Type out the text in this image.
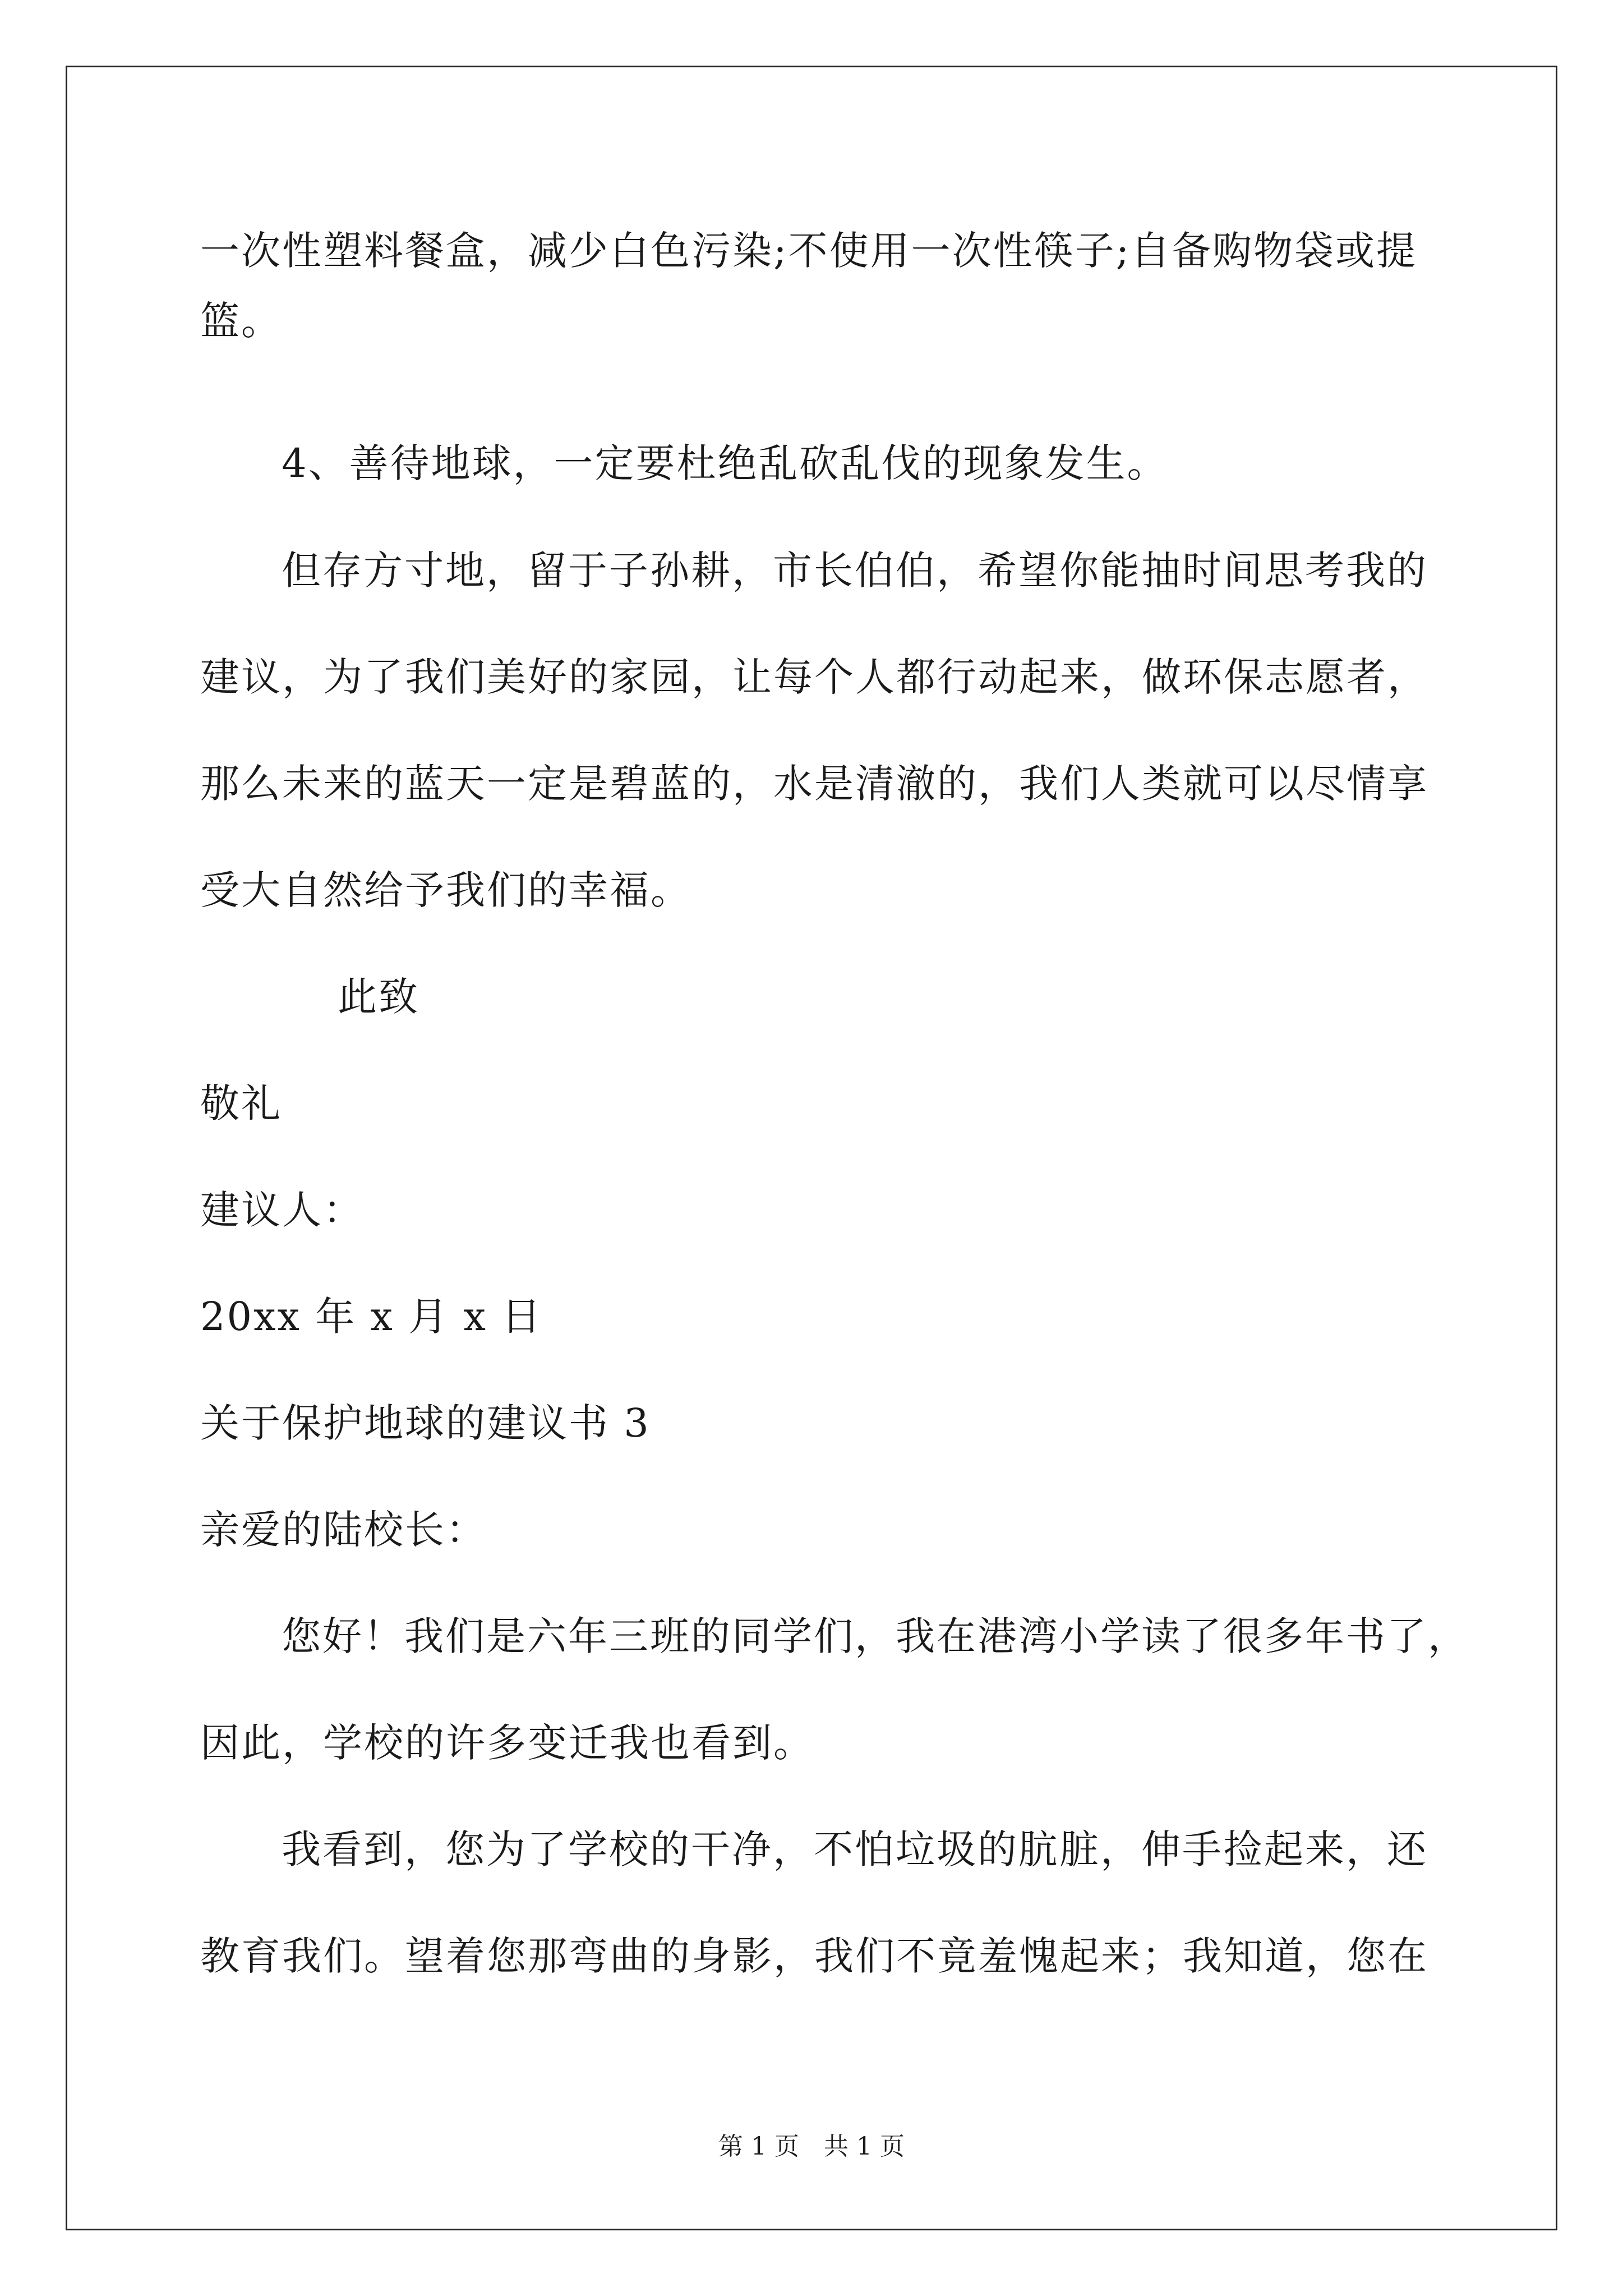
一次性塑料餐盒，减少白色污染;不使用一次性筷子;自备购物袋或提
篮。
4、善待地球，一定要杜绝乱砍乱伐的现象发生。
但存方寸地，留于子孙耕，市长伯伯，希望你能抽时间思考我的
建议，为了我们美好的家园，让每个人都行动起来，做环保志愿者，
那么未来的蓝天一定是碧蓝的，水是清澈的，我们人类就可以尽情享
受大自然给予我们的幸福。
此致
敬礼
建议人：
20xx 年 x 月 x 日
关于保护地球的建议书 3
亲爱的陆校长：
您好！我们是六年三班的同学们，我在港湾小学读了很多年书了，
因此，学校的许多变迁我也看到。
我看到，您为了学校的干净，不怕垃圾的肮脏，伸手捡起来，还
教育我们。望着您那弯曲的身影，我们不竟羞愧起来；我知道，您在
第 1 页　共 1 页
